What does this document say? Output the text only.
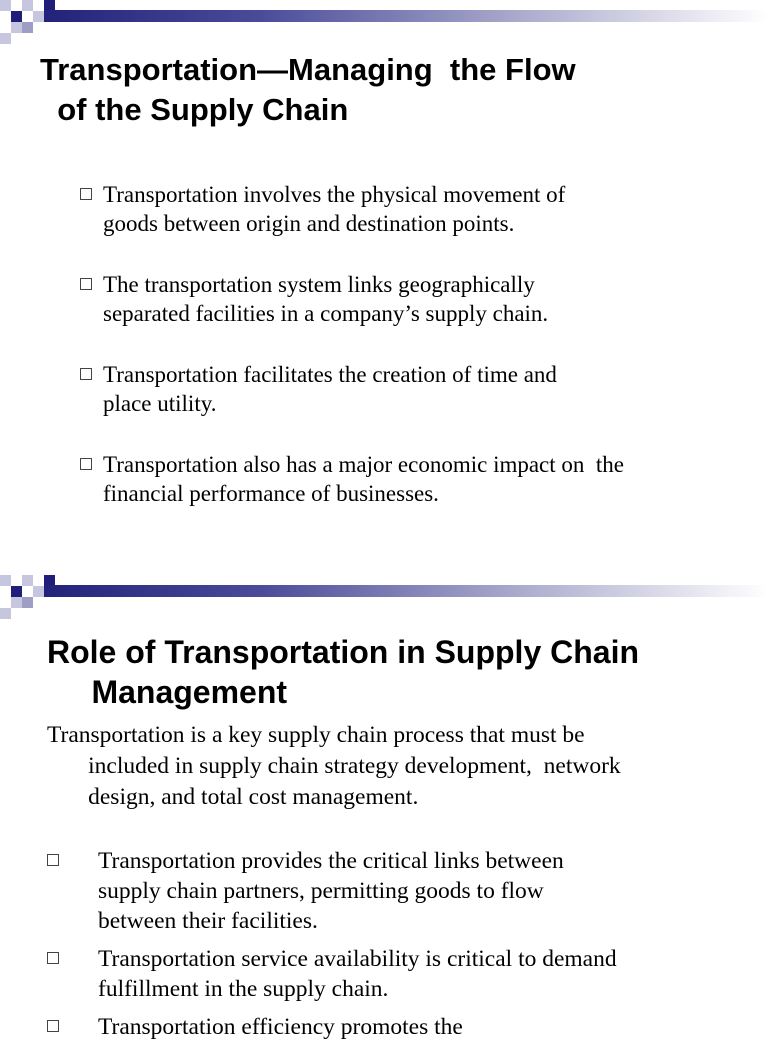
Transportation—Managing  the Flow
of the Supply Chain
Transportation involves the physical movement of
goods between origin and destination points.
The transportation system links geographically
separated facilities in a company’s supply chain.
Transportation facilitates the creation of time and
place utility.
Transportation also has a major economic impact on  the
financial performance of businesses.
Role of Transportation in Supply Chain
Management

Transportation is a key supply chain process that must be
included in supply chain strategy development,  network
design, and total cost management.

Transportation provides the critical links between
supply chain partners, permitting goods to flow
between their facilities.
Transportation service availability is critical to demand
fulfillment in the supply chain.
Transportation efficiency promotes the
